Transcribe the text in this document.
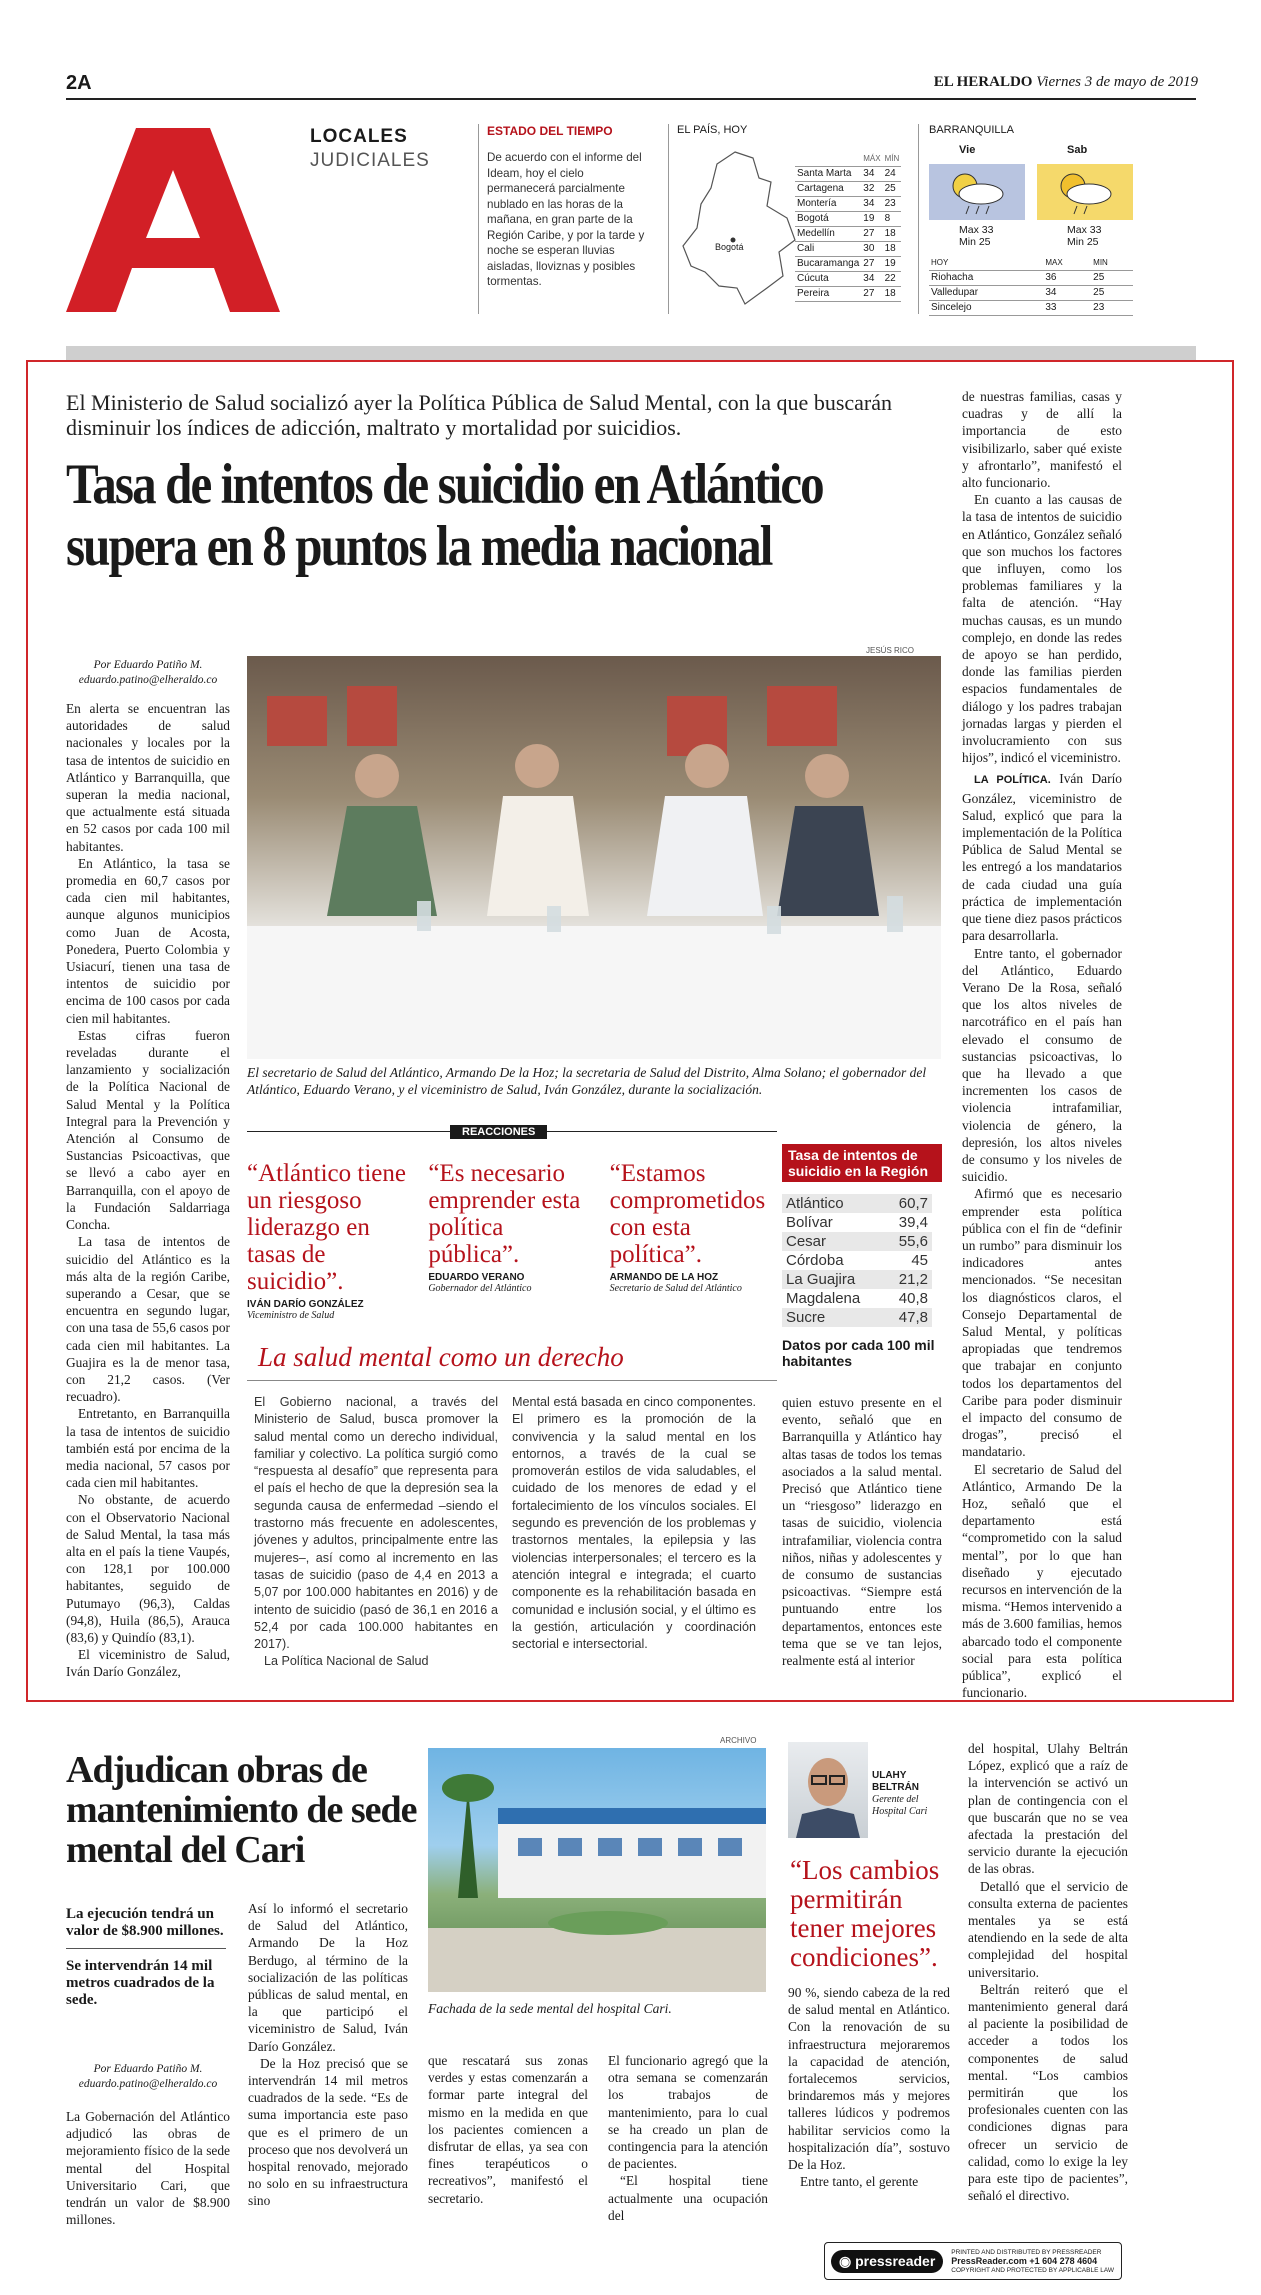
2A	EL HERALDO Viernes 3 de mayo de 2019
LOCALES
JUDICIALES
ESTADO DEL TIEMPO
De acuerdo con el informe del Ideam, hoy el cielo permanecerá parcialmente nublado en las horas de la mañana, en gran parte de la Región Caribe, y por la tarde y noche se esperan lluvias aisladas, lloviznas y posibles tormentas.
EL PAÍS, HOY
Bogotá
	MÁX	MÍN
Santa Marta	34	24
Cartagena	32	25
Montería	34	23
Bogotá	19	8
Medellín	27	18
Cali	30	18
Bucaramanga	27	19
Cúcuta	34	22
Pereira	27	18
BARRANQUILLA
Vie	Sab
Max 33
Min 25
Max 33
Min 25
HOY	MAX	MIN
Riohacha	36	25
Valledupar	34	25
Sincelejo	33	23
El Ministerio de Salud socializó ayer la Política Pública de Salud Mental, con la que buscarán disminuir los índices de adicción, maltrato y mortalidad por suicidios.
Tasa de intentos de suicidio en Atlántico supera en 8 puntos la media nacional
Por Eduardo Patiño M.
eduardo.patino@elheraldo.co

En alerta se encuentran las autoridades de salud nacionales y locales por la tasa de intentos de suicidio en Atlántico y Barranquilla, que superan la media nacional, que actualmente está situada en 52 casos por cada 100 mil habitantes.

En Atlántico, la tasa se promedia en 60,7 casos por cada cien mil habitantes, aunque algunos municipios como Juan de Acosta, Ponedera, Puerto Colombia y Usiacurí, tienen una tasa de intentos de suicidio por encima de 100 casos por cada cien mil habitantes.

Estas cifras fueron reveladas durante el lanzamiento y socialización de la Política Nacional de Salud Mental y la Política Integral para la Prevención y Atención al Consumo de Sustancias Psicoactivas, que se llevó a cabo ayer en Barranquilla, con el apoyo de la Fundación Saldarriaga Concha.

La tasa de intentos de suicidio del Atlántico es la más alta de la región Caribe, superando a Cesar, que se encuentra en segundo lugar, con una tasa de 55,6 casos por cada cien mil habitantes. La Guajira es la de menor tasa, con 21,2 casos. (Ver recuadro).

Entretanto, en Barranquilla la tasa de intentos de suicidio también está por encima de la media nacional, 57 casos por cada cien mil habitantes.

No obstante, de acuerdo con el Observatorio Nacional de Salud Mental, la tasa más alta en el país la tiene Vaupés, con 128,1 por 100.000 habitantes, seguido de Putumayo (96,3), Caldas (94,8), Huila (86,5), Arauca (83,6) y Quindío (83,1).

El viceministro de Salud, Iván Darío González,

JESÚS RICO
El secretario de Salud del Atlántico, Armando De la Hoz; la secretaria de Salud del Distrito, Alma Solano; el gobernador del Atlántico, Eduardo Verano, y el viceministro de Salud, Iván González, durante la socialización.
REACCIONES
“Atlántico tiene un riesgoso liderazgo en tasas de suicidio”.
IVÁN DARÍO GONZÁLEZ
Viceministro de Salud
“Es necesario emprender esta política pública”.
EDUARDO VERANO
Gobernador del Atlántico
“Estamos comprometidos con esta política”.
ARMANDO DE LA HOZ
Secretario de Salud del Atlántico
La salud mental como un derecho
El Gobierno nacional, a través del Ministerio de Salud, busca promover la salud mental como un derecho individual, familiar y colectivo. La política surgió como “respuesta al desafío” que representa para el país el hecho de que la depresión sea la segunda causa de enfermedad –siendo el trastorno más frecuente en adolescentes, jóvenes y adultos, principalmente entre las mujeres–, así como al incremento en las tasas de suicidio (paso de 4,4 en 2013 a 5,07 por 100.000 habitantes en 2016) y de intento de suicidio (pasó de 36,1 en 2016 a 52,4 por cada 100.000 habitantes en 2017).
La Política Nacional de Salud
Mental está basada en cinco componentes. El primero es la promoción de la convivencia y la salud mental en los entornos, a través de la cual se promoverán estilos de vida saludables, el cuidado de los menores de edad y el fortalecimiento de los vínculos sociales. El segundo es prevención de los problemas y trastornos mentales, la epilepsia y las violencias interpersonales; el tercero es la atención integral e integrada; el cuarto componente es la rehabilitación basada en comunidad e inclusión social, y el último es la gestión, articulación y coordinación sectorial e intersectorial.
quien estuvo presente en el evento, señaló que en Barranquilla y Atlántico hay altas tasas de todos los temas asociados a la salud mental. Precisó que Atlántico tiene un “riesgoso” liderazgo en tasas de suicidio, violencia intrafamiliar, violencia contra niños, niñas y adolescentes y de consumo de sustancias psicoactivas. “Siempre está puntuando entre los departamentos, entonces este tema que se ve tan lejos, realmente está al interior
Tasa de intentos de suicidio en la Región
Atlántico	60,7
Bolívar	39,4
Cesar	55,6
Córdoba	45
La Guajira	21,2
Magdalena	40,8
Sucre	47,8
Datos por cada 100 mil habitantes

de nuestras familias, casas y cuadras y de allí la importancia de esto visibilizarlo, saber qué existe y afrontarlo”, manifestó el alto funcionario.

En cuanto a las causas de la tasa de intentos de suicidio en Atlántico, González señaló que son muchos los factores que influyen, como los problemas familiares y la falta de atención. “Hay muchas causas, es un mundo complejo, en donde las redes de apoyo se han perdido, donde las familias pierden espacios fundamentales de diálogo y los padres trabajan jornadas largas y pierden el involucramiento con sus hijos”, indicó el viceministro.

LA POLÍTICA. Iván Darío González, viceministro de Salud, explicó que para la implementación de la Política Pública de Salud Mental se les entregó a los mandatarios de cada ciudad una guía práctica de implementación que tiene diez pasos prácticos para desarrollarla.

Entre tanto, el gobernador del Atlántico, Eduardo Verano De la Rosa, señaló que los altos niveles de narcotráfico en el país han elevado el consumo de sustancias psicoactivas, lo que ha llevado a que incrementen los casos de violencia intrafamiliar, violencia de género, la depresión, los altos niveles de consumo y los niveles de suicidio.

Afirmó que es necesario emprender esta política pública con el fin de “definir un rumbo” para disminuir los indicadores antes mencionados. “Se necesitan los diagnósticos claros, el Consejo Departamental de Salud Mental, y políticas apropiadas que tendremos que trabajar en conjunto todos los departamentos del Caribe para poder disminuir el impacto del consumo de drogas”, precisó el mandatario.

El secretario de Salud del Atlántico, Armando De la Hoz, señaló que el departamento está “comprometido con la salud mental”, por lo que han diseñado y ejecutado recursos en intervención de la misma. “Hemos intervenido a más de 3.600 familias, hemos abarcado todo el componente social para esta política pública”, explicó el funcionario.

Adjudican obras de mantenimiento de sede mental del Cari
La ejecución tendrá un valor de $8.900 millones.
Se intervendrán 14 mil metros cuadrados de la sede.
Por Eduardo Patiño M.
eduardo.patino@elheraldo.co
La Gobernación del Atlántico adjudicó las obras de mejoramiento físico de la sede mental del Hospital Universitario Cari, que tendrán un valor de $8.900 millones.

Así lo informó el secretario de Salud del Atlántico, Armando De la Hoz Berdugo, al término de la socialización de las políticas públicas de salud mental, en la que participó el viceministro de Salud, Iván Darío González.

De la Hoz precisó que se intervendrán 14 mil metros cuadrados de la sede. “Es de suma importancia este paso que es el primero de un proceso que nos devolverá un hospital renovado, mejorado no solo en su infraestructura sino

ARCHIVO
Fachada de la sede mental del hospital Cari.
que rescatará sus zonas verdes y estas comenzarán a formar parte integral del mismo en la medida en que los pacientes comiencen a disfrutar de ellas, ya sea con fines terapéuticos o recreativos”, manifestó el secretario.

El funcionario agregó que la otra semana se comenzarán los trabajos de mantenimiento, para lo cual se ha creado un plan de contingencia para la atención de pacientes.

“El hospital tiene actualmente una ocupación del

ULAHY BELTRÁN
Gerente del Hospital Cari
“Los cambios permitirán tener mejores condiciones”.

90 %, siendo cabeza de la red de salud mental en Atlántico. Con la renovación de su infraestructura mejoraremos la capacidad de atención, fortalecemos servicios, brindaremos más y mejores talleres lúdicos y podremos habilitar servicios como la hospitalización día”, sostuvo De la Hoz.

Entre tanto, el gerente

del hospital, Ulahy Beltrán López, explicó que a raíz de la intervención se activó un plan de contingencia con el que buscarán que no se vea afectada la prestación del servicio durante la ejecución de las obras.

Detalló que el servicio de consulta externa de pacientes mentales ya se está atendiendo en la sede de alta complejidad del hospital universitario.

Beltrán reiteró que el mantenimiento general dará al paciente la posibilidad de acceder a todos los componentes de salud mental. “Los cambios permitirán que los profesionales cuenten con las condiciones dignas para ofrecer un servicio de calidad, como lo exige la ley para este tipo de pacientes”, señaló el directivo.

◉ pressreader
PRINTED AND DISTRIBUTED BY PRESSREADER
PressReader.com +1 604 278 4604
COPYRIGHT AND PROTECTED BY APPLICABLE LAW
